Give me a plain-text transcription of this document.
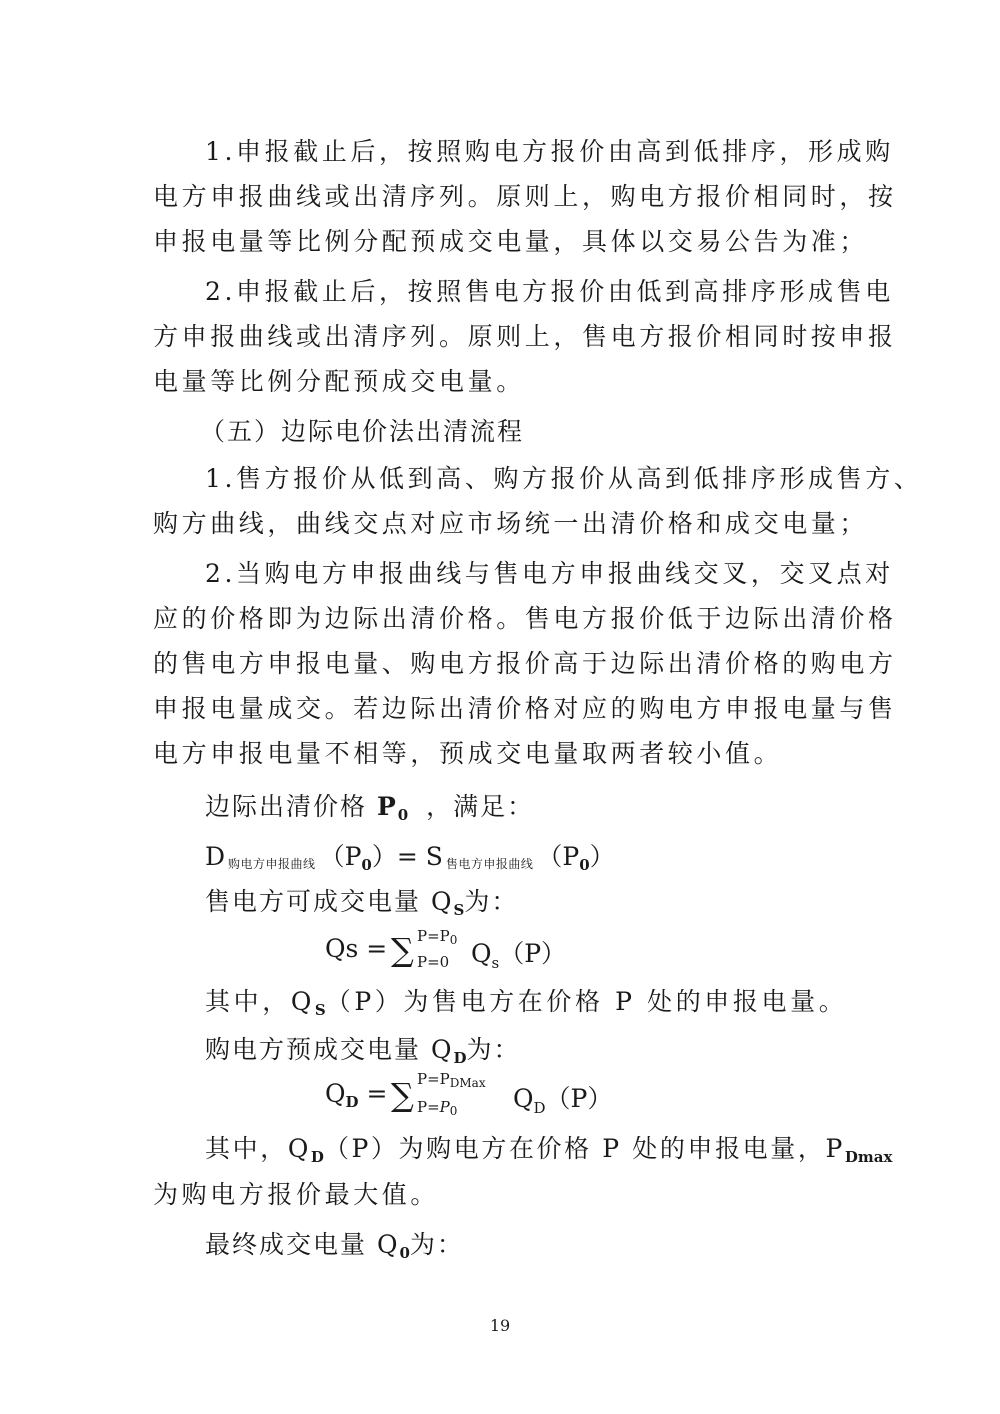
1.申报截止后，按照购电方报价由高到低排序，形成购
电方申报曲线或出清序列。原则上，购电方报价相同时，按
申报电量等比例分配预成交电量，具体以交易公告为准；
2.申报截止后，按照售电方报价由低到高排序形成售电
方申报曲线或出清序列。原则上，售电方报价相同时按申报
电量等比例分配预成交电量。
（五）边际电价法出清流程
1.售方报价从低到高、购方报价从高到低排序形成售方、
购方曲线，曲线交点对应市场统一出清价格和成交电量；
2.当购电方申报曲线与售电方申报曲线交叉，交叉点对
应的价格即为边际出清价格。售电方报价低于边际出清价格
的售电方申报电量、购电方报价高于边际出清价格的购电方
申报电量成交。若边际出清价格对应的购电方申报电量与售
电方申报电量不相等，预成交电量取两者较小值。
边际出清价格 $P_0$ ，满足：
D购电方申报曲线 $(P_0)= S$ 售电方申报曲线 $(P_0)$
售电方可成交电量 $Q_S$为：
Qs = ∑ $P=P_0$
P=0 $Q_s(P)$
其中，$Q_S(P)$为售电方在价格 P 处的申报电量。
购电方预成交电量 $Q_D$为：
$Q_D$ = ∑ $P=P_{DMax}$
$P=P_0$ $Q_D(P)$
其中，$Q_D(P)$为购电方在价格 P 处的申报电量，$P_{Dmax}$
为购电方报价最大值。
最终成交电量 $Q_0$为：
19
